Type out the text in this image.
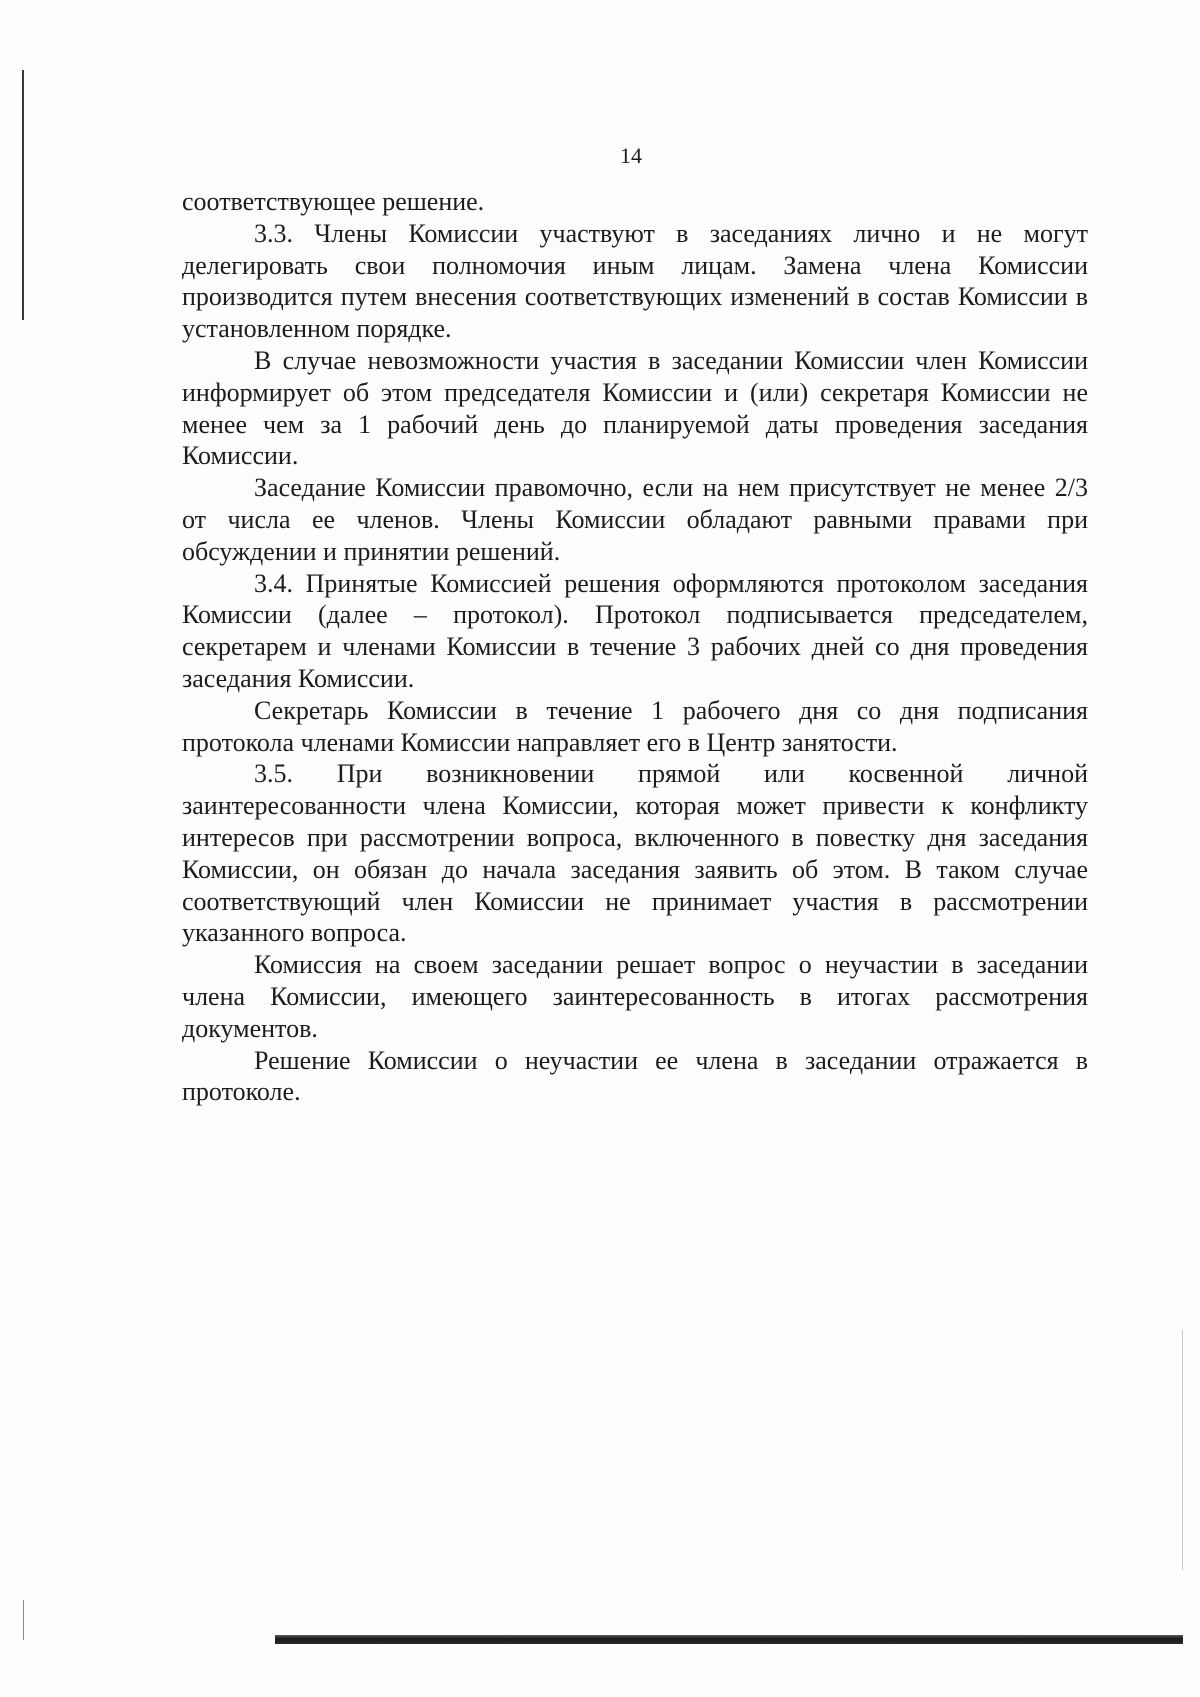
14

соответствующее решение.

3.3. Члены Комиссии участвуют в заседаниях лично и не могут делегировать свои полномочия иным лицам. Замена члена Комиссии производится путем внесения соответствующих изменений в состав Комиссии в установленном порядке.

В случае невозможности участия в заседании Комиссии член Комиссии информирует об этом председателя Комиссии и (или) секретаря Комиссии не менее чем за 1 рабочий день до планируемой даты проведения заседания Комиссии.

Заседание Комиссии правомочно, если на нем присутствует не менее 2/3 от числа ее членов. Члены Комиссии обладают равными правами при обсуждении и принятии решений.

3.4. Принятые Комиссией решения оформляются протоколом заседания Комиссии (далее – протокол). Протокол подписывается председателем, секретарем и членами Комиссии в течение 3 рабочих дней со дня проведения заседания Комиссии.

Секретарь Комиссии в течение 1 рабочего дня со дня подписания протокола членами Комиссии направляет его в Центр занятости.

3.5. При возникновении прямой или косвенной личной заинтересованности члена Комиссии, которая может привести к конфликту интересов при рассмотрении вопроса, включенного в повестку дня заседания Комиссии, он обязан до начала заседания заявить об этом. В таком случае соответствующий член Комиссии не принимает участия в рассмотрении указанного вопроса.

Комиссия на своем заседании решает вопрос о неучастии в заседании члена Комиссии, имеющего заинтересованность в итогах рассмотрения документов.

Решение Комиссии о неучастии ее члена в заседании отражается в протоколе.
